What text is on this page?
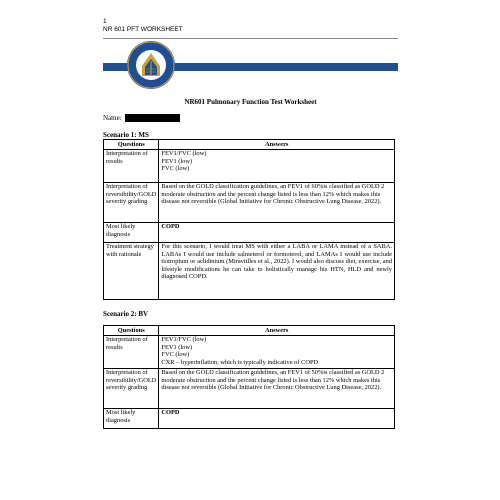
1
NR 601 PFT WORKSHEET
NR601 Pulmonary Function Test Worksheet
Name:
Scenario 1: MS
Questions	Answers
Interpretation of results	FEV1/FVC (low)
FEV1 (low)
FVC (low)

Interpretation of reversibility/GOLD severity grading	Based on the GOLD classification guidelines, an FEV1 of 60%is classified as GOLD 2 moderate obstruction and the percent change listed is less than 12% which makes this disease not reversible (Global Initiative for Chronic Obstructive Lung Disease, 2022).
Most likely diagnosis	COPD
Treatment strategy with rationale	For this scenario, I would treat MS with either a LABA or LAMA instead of a SABA. LABAs I would use include salmeterol or formoterol, and LAMAs I would use include tiotropium or aclidinium (Miravitlles et al., 2022). I would also discuss diet, exercise, and lifestyle modifications he can take to holistically manage his HTN, HLD and newly diagnosed COPD.
Scenario 2: BV
Questions	Answers
Interpretation of results	FEV1/FVC (low)
FEV1 (low)
FVC (low)
CXR – hyperinflation, which is typically indicative of COPD

Interpretation of reversibility/GOLD severity grading	Based on the GOLD classification guidelines, an FEV1 of 50%is classified as GOLD 2 moderate obstruction and the percent change listed is less than 12% which makes this disease not reversible (Global Initiative for Chronic Obstructive Lung Disease, 2022).
Most likely diagnosis	COPD
